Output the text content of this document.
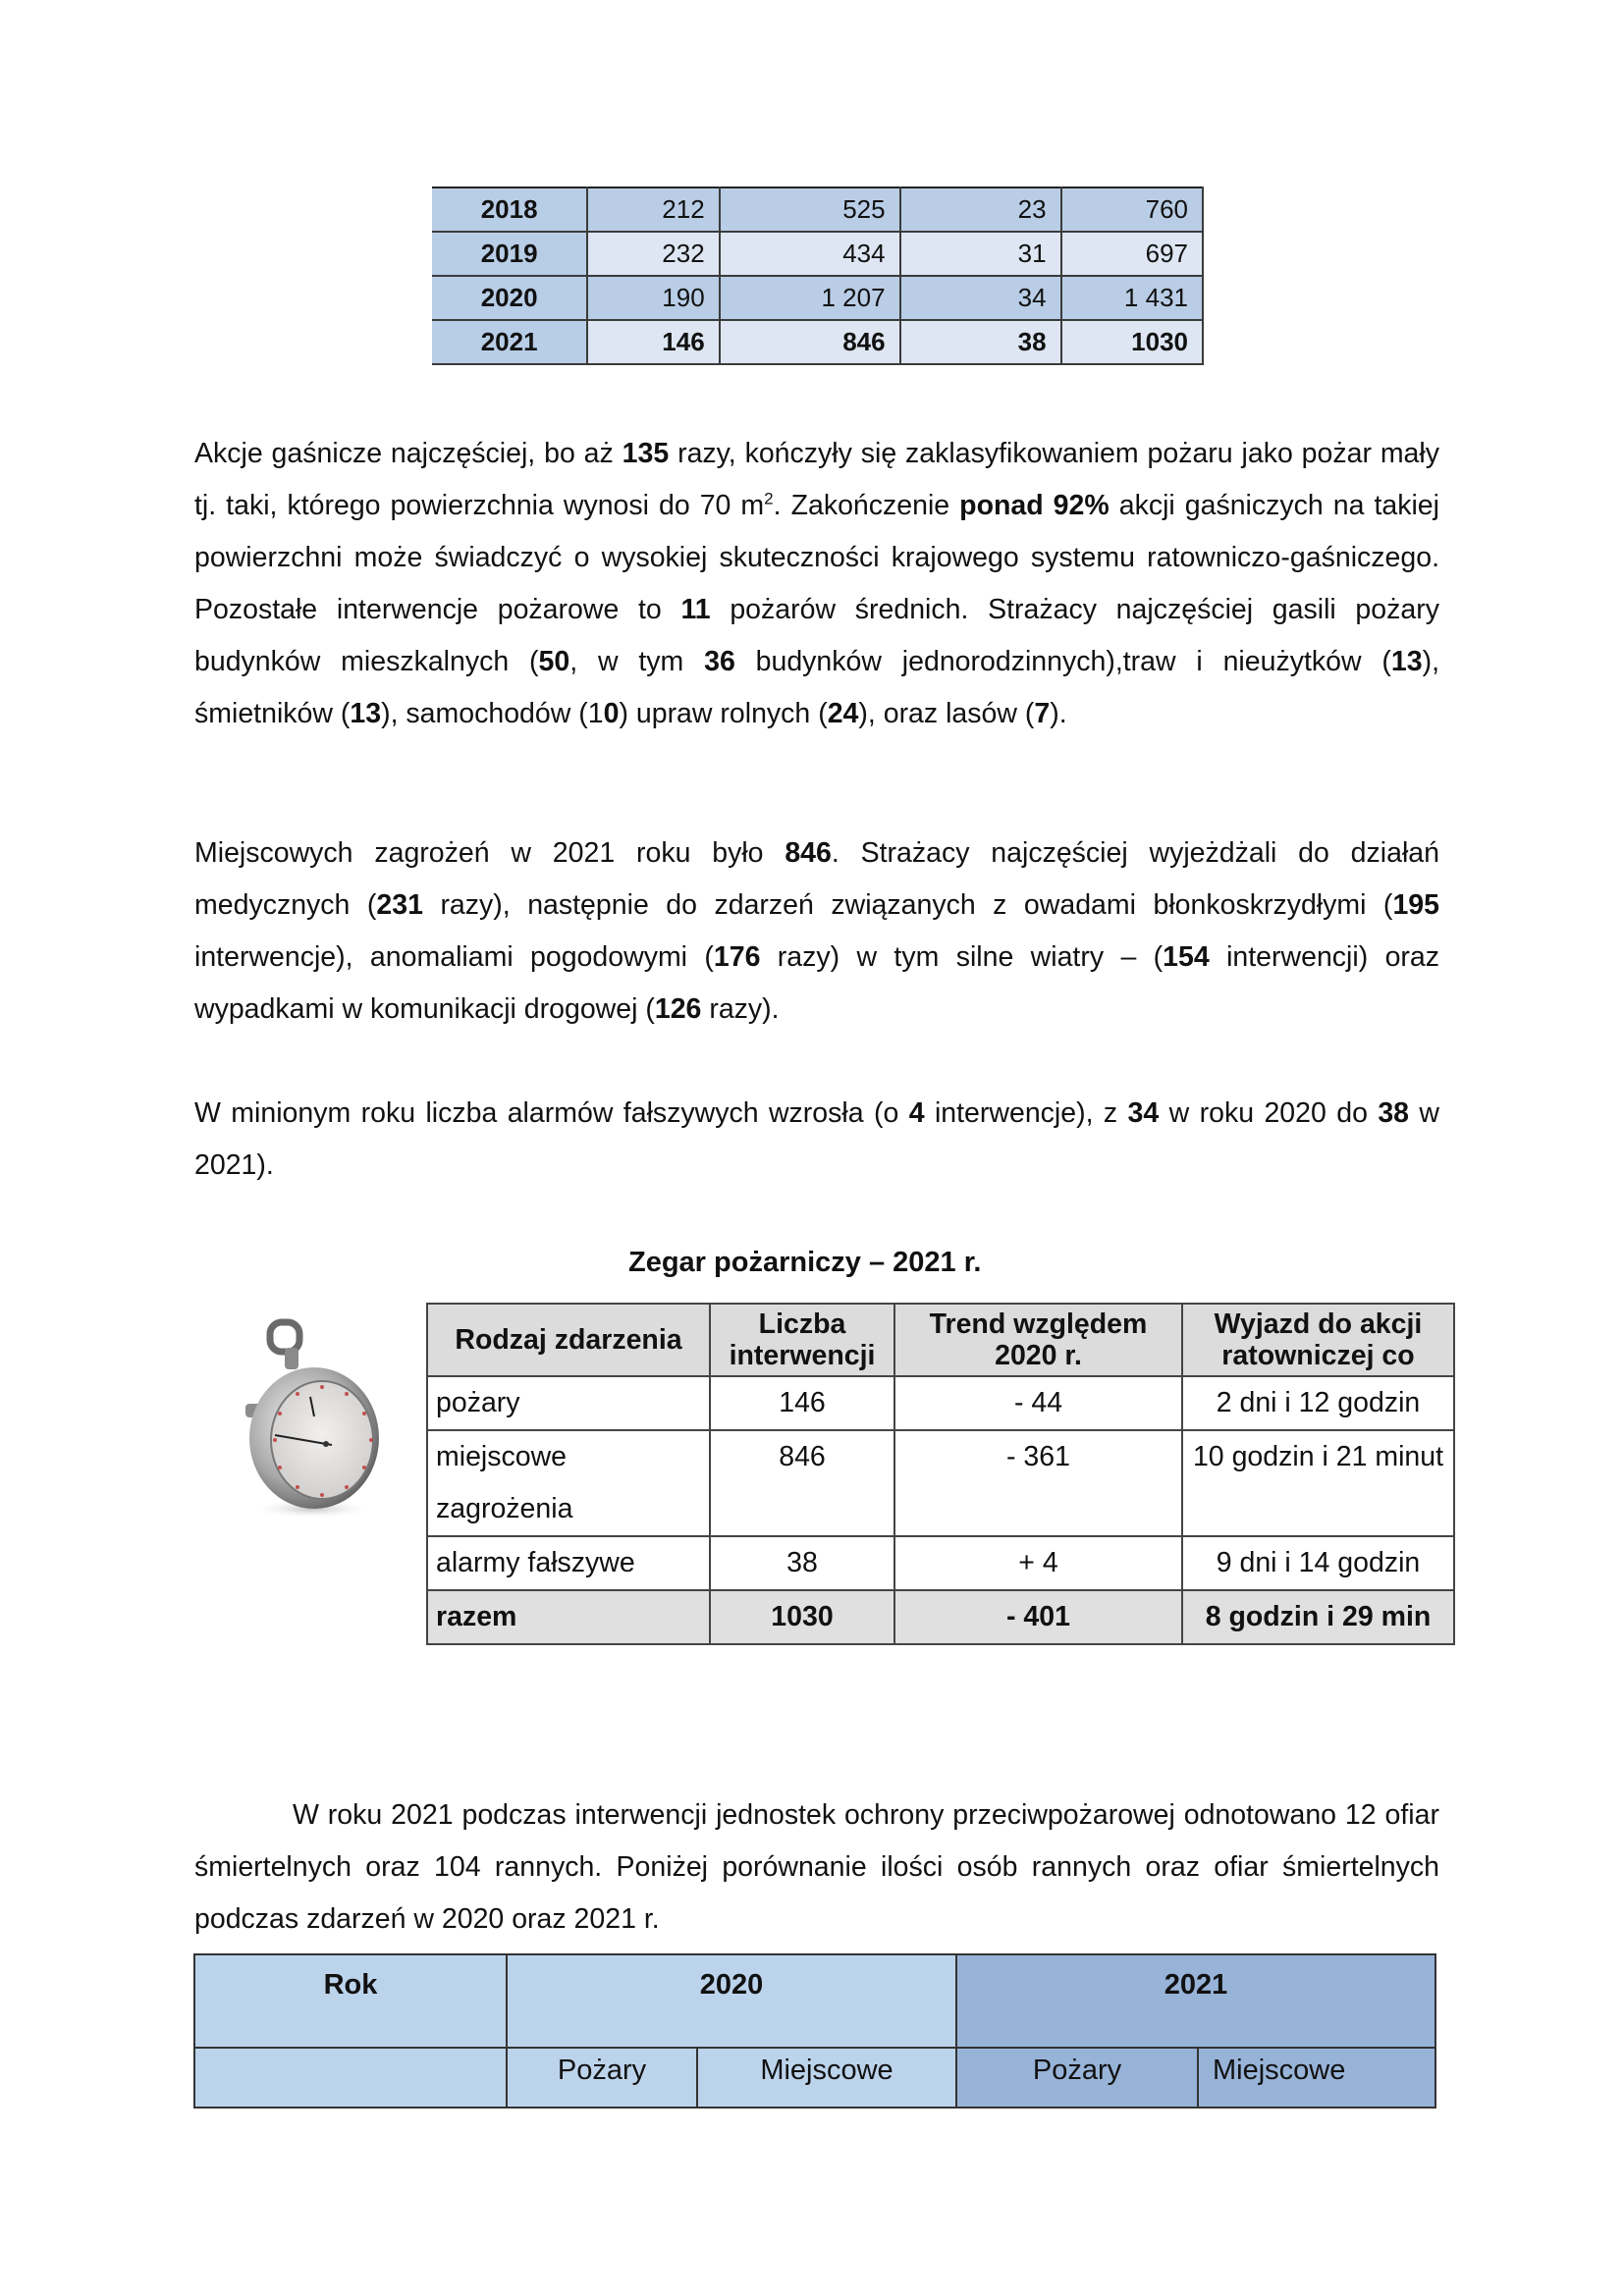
2018	212	525	23	760
2019	232	434	31	697
2020	190	1 207	34	1 431
2021	146	846	38	1030

Akcje gaśnicze najczęściej, bo aż 135 razy, kończyły się zaklasyfikowaniem pożaru jako pożar mały tj. taki, którego powierzchnia wynosi do 70 $m^2$. Zakończenie ponad 92% akcji gaśniczych na takiej powierzchni może świadczyć o wysokiej skuteczności krajowego systemu ratowniczo-gaśniczego. Pozostałe interwencje pożarowe to 11 pożarów średnich. Strażacy najczęściej gasili pożary budynków mieszkalnych (50, w tym 36 budynków jednorodzinnych),traw i nieużytków (13), śmietników (13), samochodów (10) upraw rolnych (24), oraz lasów (7).

Miejscowych zagrożeń w 2021 roku było 846. Strażacy najczęściej wyjeżdżali do działań medycznych (231 razy), następnie do zdarzeń związanych z owadami błonkoskrzydłymi (195 interwencje), anomaliami pogodowymi (176 razy) w tym silne wiatry – (154 interwencji) oraz wypadkami w komunikacji drogowej (126 razy).

W minionym roku liczba alarmów fałszywych wzrosła (o 4 interwencje), z 34 w roku 2020 do 38 w 2021).

Zegar pożarniczy – 2021 r.
Rodzaj zdarzenia	Liczba interwencji	Trend względem 2020 r.	Wyjazd do akcji ratowniczej co
pożary	146	- 44	2 dni i 12 godzin
miejscowe zagrożenia	846	- 361	10 godzin i 21 minut
alarmy fałszywe	38	+ 4	9 dni i 14 godzin
razem	1030	- 401	8 godzin i 29 min

W roku 2021 podczas interwencji jednostek ochrony przeciwpożarowej odnotowano 12 ofiar śmiertelnych oraz 104 rannych. Poniżej porównanie ilości osób rannych oraz ofiar śmiertelnych podczas zdarzeń w 2020 oraz 2021 r.

Rok	2020		2021	
	Pożary	Miejscowe	Pożary	Miejscowe
